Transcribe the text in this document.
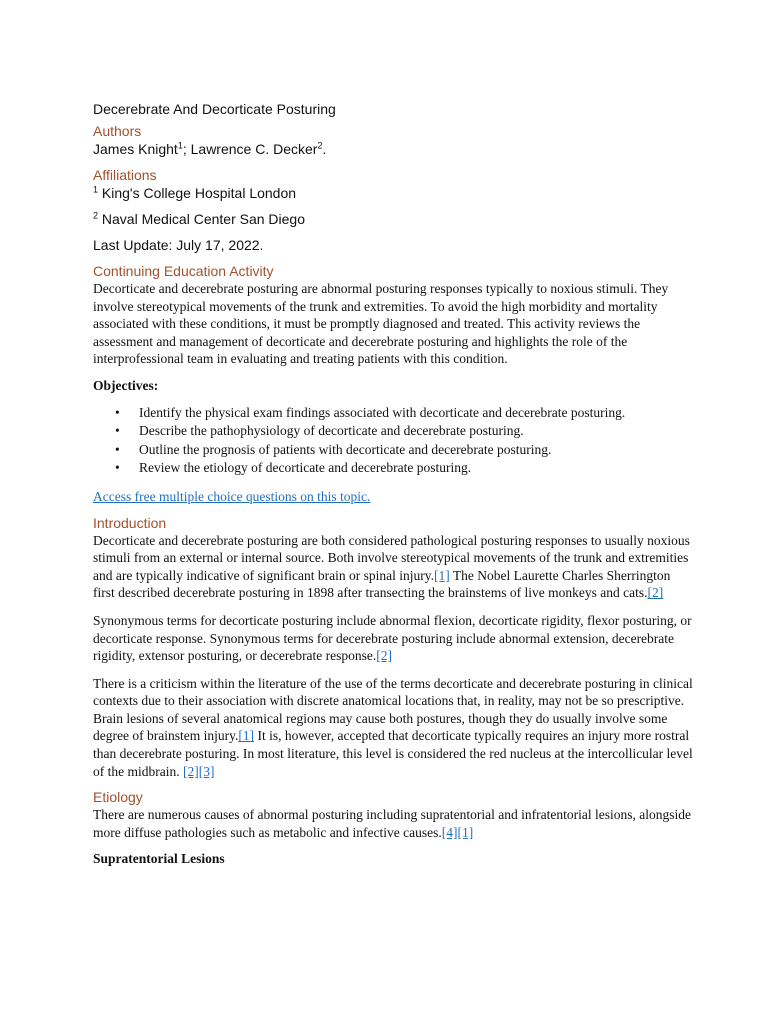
Decerebrate And Decorticate Posturing

Authors

James Knight$^1$; Lawrence C. Decker$^2$.

Affiliations

$^1$ King's College Hospital London

$^2$ Naval Medical Center San Diego

Last Update: July 17, 2022.

Continuing Education Activity

Decorticate and decerebrate posturing are abnormal posturing responses typically to noxious stimuli. They involve stereotypical movements of the trunk and extremities. To avoid the high morbidity and mortality associated with these conditions, it must be promptly diagnosed and treated. This activity reviews the assessment and management of decorticate and decerebrate posturing and highlights the role of the interprofessional team in evaluating and treating patients with this condition.

Objectives:

• Identify the physical exam findings associated with decorticate and decerebrate posturing.
• Describe the pathophysiology of decorticate and decerebrate posturing.
• Outline the prognosis of patients with decorticate and decerebrate posturing.
• Review the etiology of decorticate and decerebrate posturing.

Access free multiple choice questions on this topic.

Introduction

Decorticate and decerebrate posturing are both considered pathological posturing responses to usually noxious stimuli from an external or internal source. Both involve stereotypical movements of the trunk and extremities and are typically indicative of significant brain or spinal injury.[1] The Nobel Laurette Charles Sherrington first described decerebrate posturing in 1898 after transecting the brainstems of live monkeys and cats.[2]

Synonymous terms for decorticate posturing include abnormal flexion, decorticate rigidity, flexor posturing, or decorticate response. Synonymous terms for decerebrate posturing include abnormal extension, decerebrate rigidity, extensor posturing, or decerebrate response.[2]

There is a criticism within the literature of the use of the terms decorticate and decerebrate posturing in clinical contexts due to their association with discrete anatomical locations that, in reality, may not be so prescriptive. Brain lesions of several anatomical regions may cause both postures, though they do usually involve some degree of brainstem injury.[1] It is, however, accepted that decorticate typically requires an injury more rostral than decerebrate posturing. In most literature, this level is considered the red nucleus at the intercollicular level of the midbrain. [2][3]

Etiology

There are numerous causes of abnormal posturing including supratentorial and infratentorial lesions, alongside more diffuse pathologies such as metabolic and infective causes.[4][1]

Supratentorial Lesions
